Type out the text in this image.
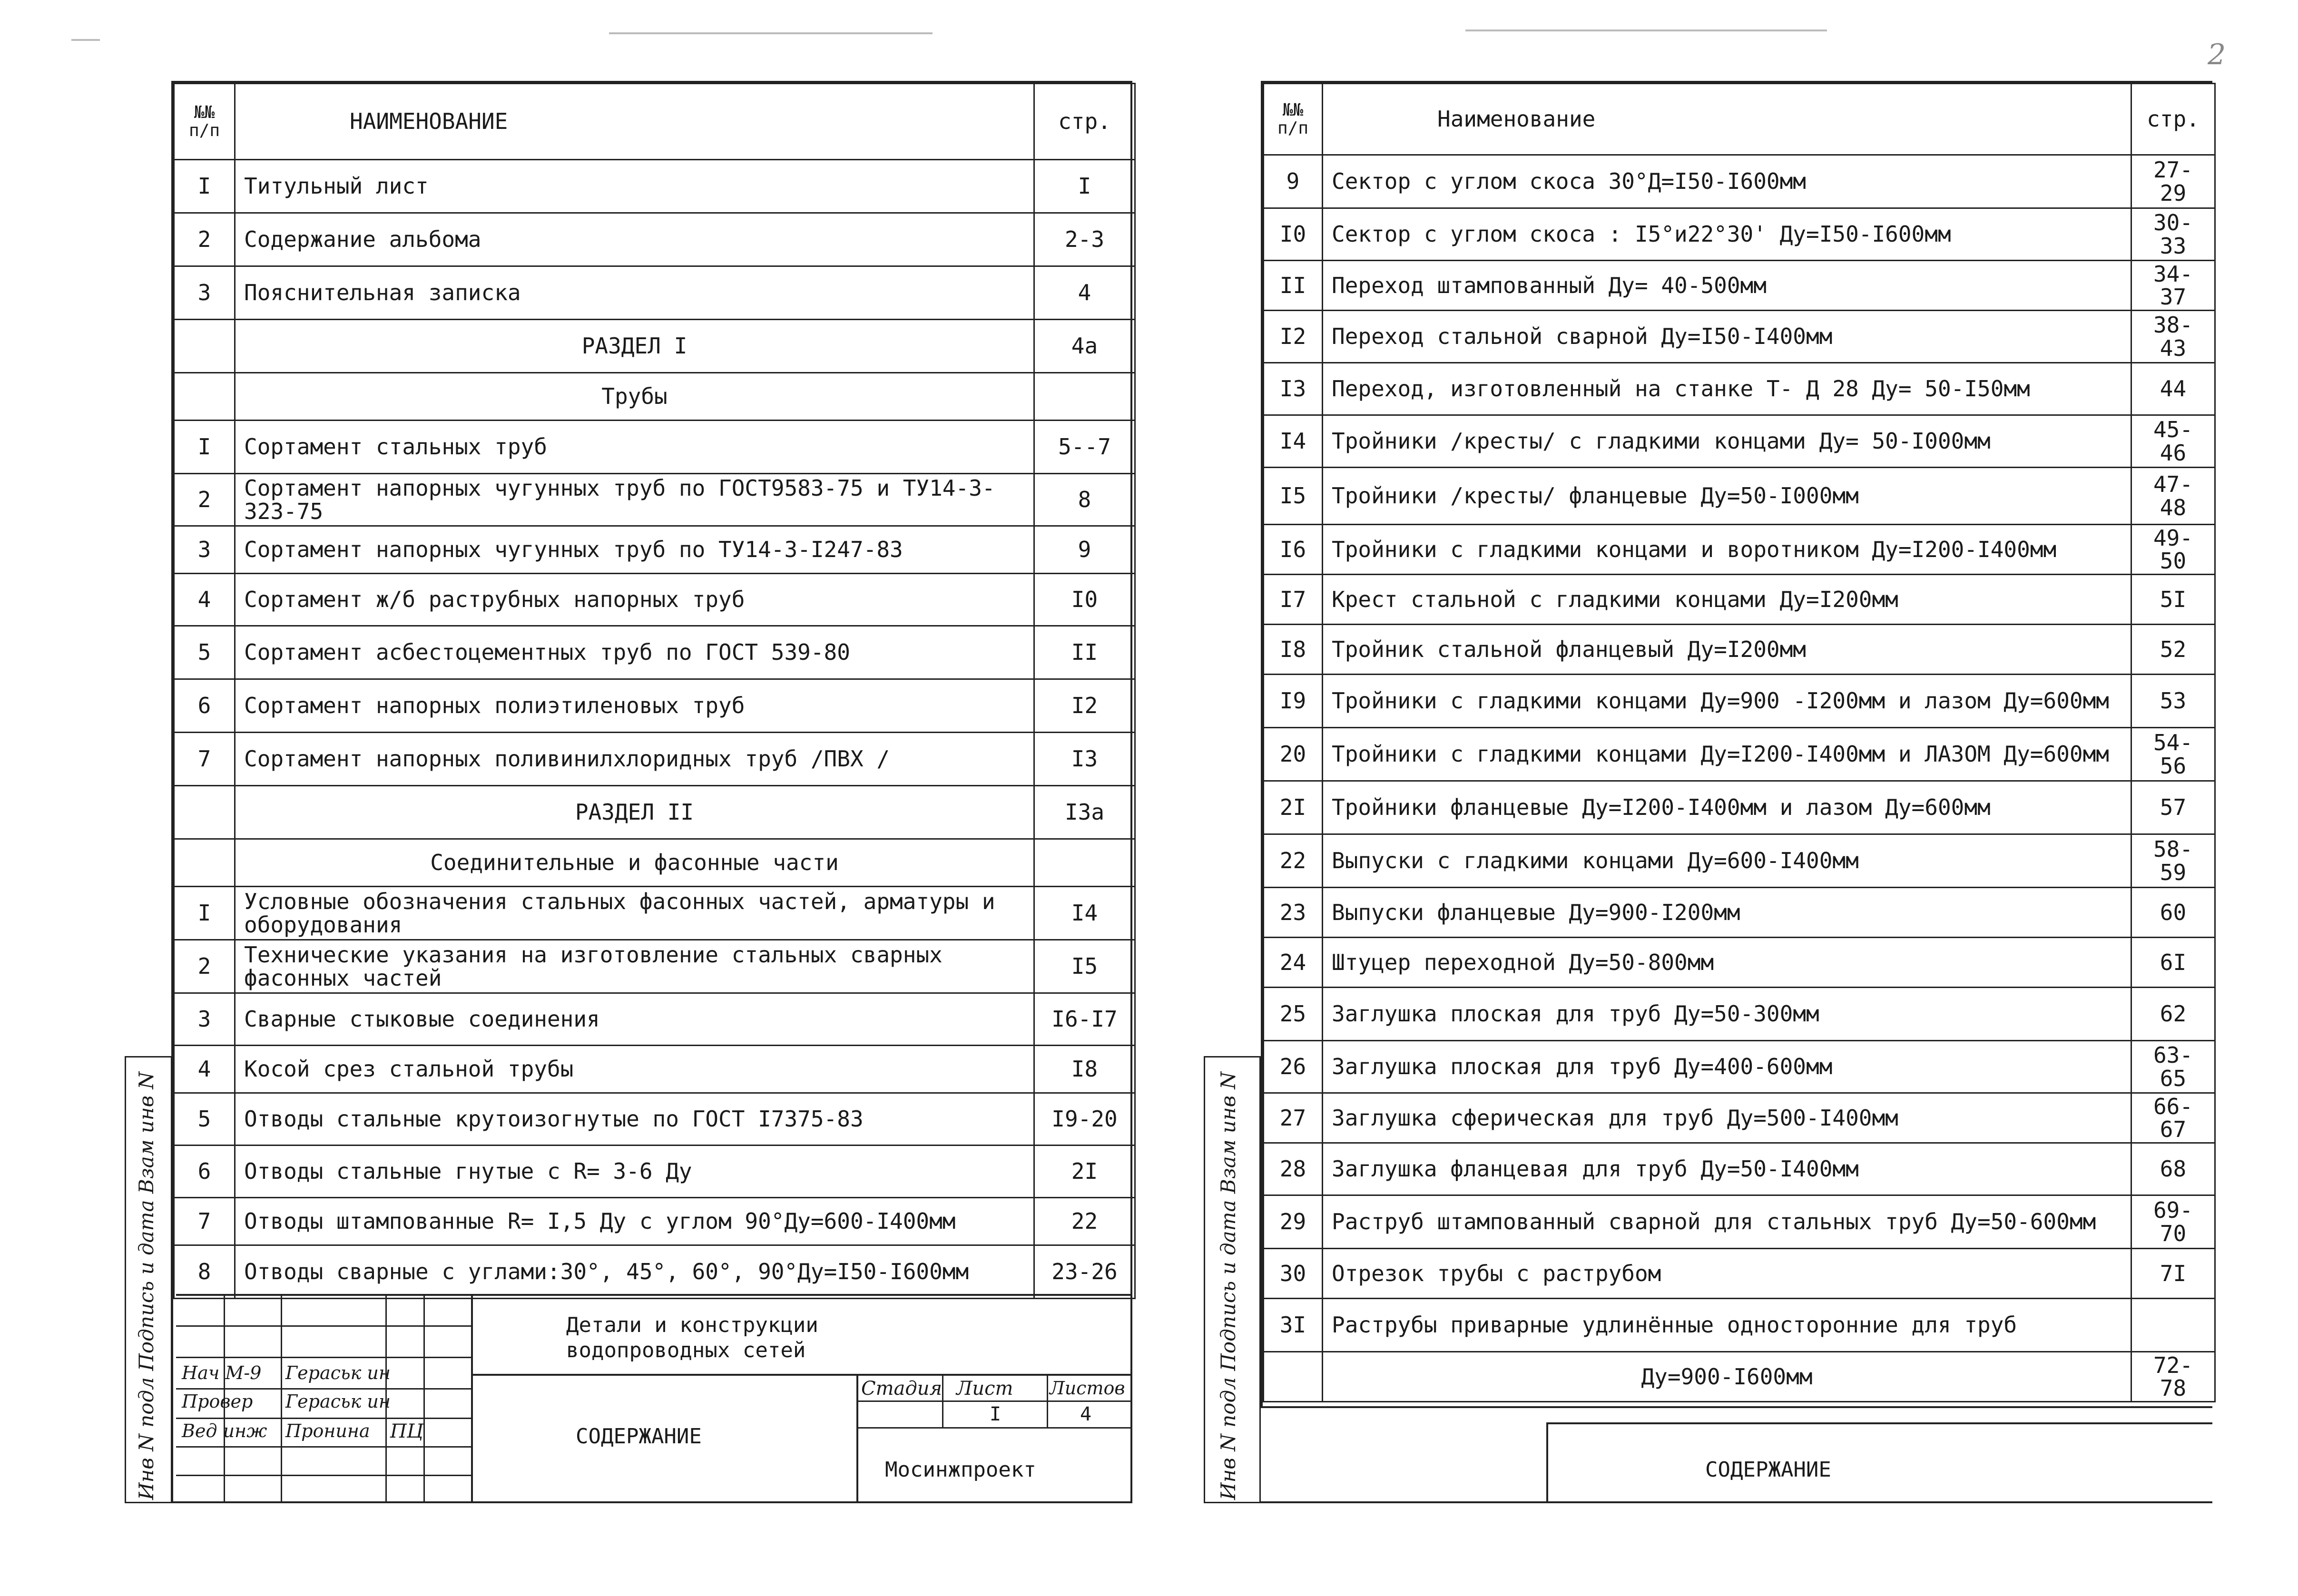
2
№№ п/п	НАИМЕНОВАНИЕ	стр.
I	Титульный лист	I
2	Содержание альбома	2-3
3	Пояснительная записка	4
	РАЗДЕЛ I	4а
	Трубы	
I	Сортамент стальных труб	5--7
2	Сортамент напорных чугунных труб по ГОСТ9583-75 и ТУ14-3-323-75	8
3	Сортамент напорных чугунных труб по ТУ14-3-I247-83	9
4	Сортамент ж/б раструбных напорных труб	I0
5	Сортамент асбестоцементных труб по ГОСТ 539-80	II
6	Сортамент напорных полиэтиленовых труб	I2
7	Сортамент напорных поливинилхлоридных труб /ПВХ /	I3
	РАЗДЕЛ II	I3а
	Соединительные и фасонные части	
I	Условные обозначения стальных фасонных частей, арматуры и оборудования	I4
2	Технические указания на изготовление стальных сварных фасонных частей	I5
3	Сварные стыковые соединения	I6-I7
4	Косой срез стальной трубы	I8
5	Отводы стальные крутоизогнутые по ГОСТ I7375-83	I9-20
6	Отводы стальные гнутые с R= 3-6 Ду	2I
7	Отводы штампованные R= I,5 Ду с углом 90°Ду=600-I400мм	22
8	Отводы сварные с углами:30°, 45°, 60°, 90°Ду=I50-I600мм	23-26
Детали и конструкции водопроводных сетей
СОДЕРЖАНИЕ
Стадия Лист Листов
I	4
Мосинжпроект
Нач М-9 Гераськ ин
Провер Гераськ ин
Вед инж Пронина ПЦ
Инв N подл Подпись и дата Взам инв N
№№ п/п	Наименование	стр.
9	Сектор с углом скоса 30°Д=I50-I600мм	27-29
I0	Сектор с углом скоса : I5°и22°30' Ду=I50-I600мм	30-33
II	Переход штампованный Ду= 40-500мм	34-37
I2	Переход стальной сварной Ду=I50-I400мм	38-43
I3	Переход, изготовленный на станке Т- Д 28 Ду= 50-I50мм	44
I4	Тройники /кресты/ с гладкими концами Ду= 50-I000мм	45-46
I5	Тройники /кресты/ фланцевые Ду=50-I000мм	47-48
I6	Тройники с гладкими концами и воротником Ду=I200-I400мм	49-50
I7	Крест стальной с гладкими концами Ду=I200мм	5I
I8	Тройник стальной фланцевый Ду=I200мм	52
I9	Тройники с гладкими концами Ду=900 -I200мм и лазом Ду=600мм	53
20	Тройники с гладкими концами Ду=I200-I400мм и ЛАЗОМ Ду=600мм	54-56
2I	Тройники фланцевые Ду=I200-I400мм и лазом Ду=600мм	57
22	Выпуски с гладкими концами Ду=600-I400мм	58-59
23	Выпуски фланцевые Ду=900-I200мм	60
24	Штуцер переходной Ду=50-800мм	6I
25	Заглушка плоская для труб Ду=50-300мм	62
26	Заглушка плоская для труб Ду=400-600мм	63-65
27	Заглушка сферическая для труб Ду=500-I400мм	66-67
28	Заглушка фланцевая для труб Ду=50-I400мм	68
29	Раструб штампованный сварной для стальных труб Ду=50-600мм	69-70
30	Отрезок трубы с раструбом	7I
3I	Раструбы приварные удлинённые односторонние для труб	
	Ду=900-I600мм	72-78
СОДЕРЖАНИЕ
Инв N подл Подпись и дата Взам инв N
